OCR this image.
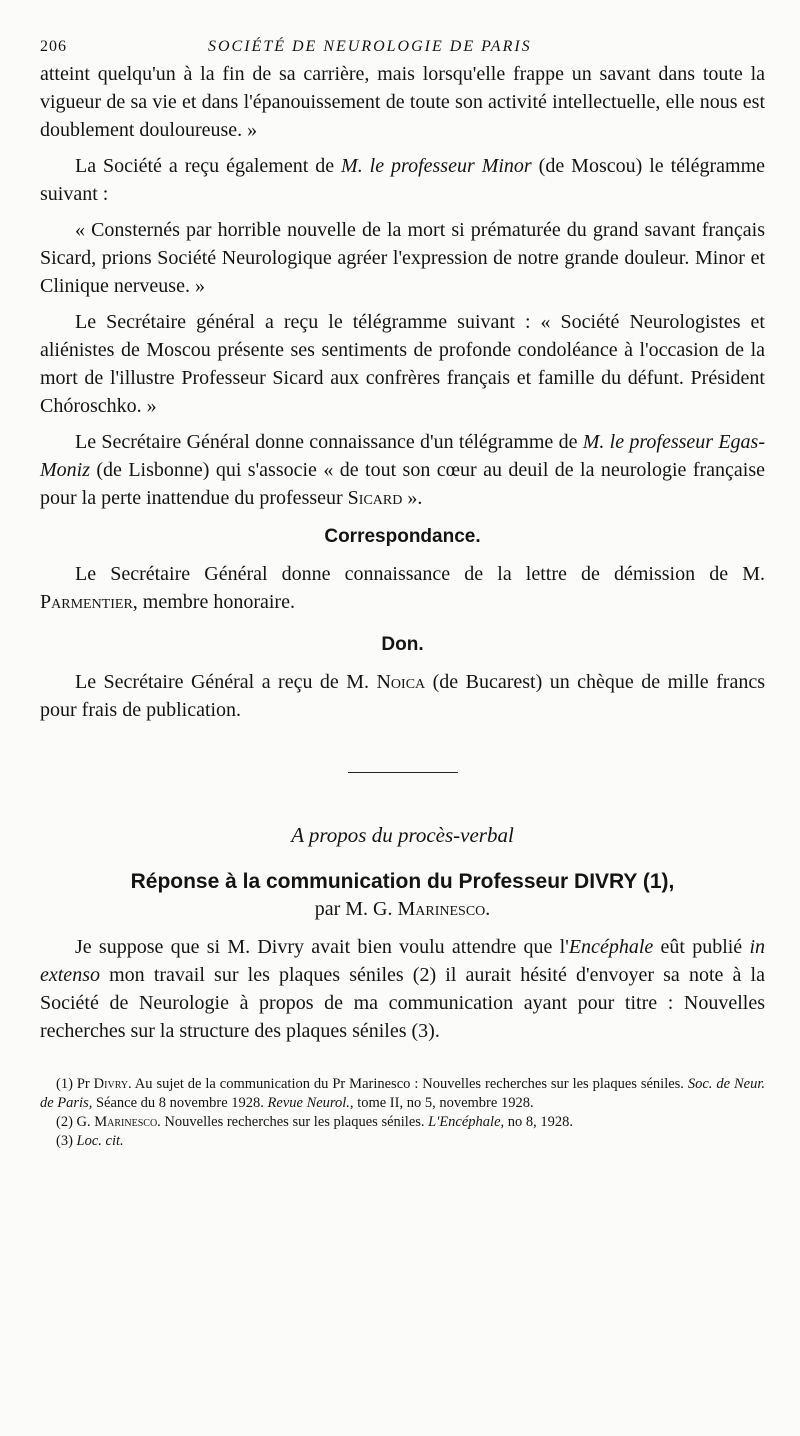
206	SOCIÉTÉ DE NEUROLOGIE DE PARIS

atteint quelqu'un à la fin de sa carrière, mais lorsqu'elle frappe un savant dans toute la vigueur de sa vie et dans l'épanouissement de toute son activité intellectuelle, elle nous est doublement douloureuse. »

La Société a reçu également de M. le professeur Minor (de Moscou) le télégramme suivant :

« Consternés par horrible nouvelle de la mort si prématurée du grand savant français Sicard, prions Société Neurologique agréer l'expression de notre grande douleur. Minor et Clinique nerveuse. »

Le Secrétaire général a reçu le télégramme suivant : « Société Neurologistes et aliénistes de Moscou présente ses sentiments de profonde condoléance à l'occasion de la mort de l'illustre Professeur Sicard aux confrères français et famille du défunt. Président Chóroschko. »

Le Secrétaire Général donne connaissance d'un télégramme de M. le professeur Egas-Moniz (de Lisbonne) qui s'associe « de tout son cœur au deuil de la neurologie française pour la perte inattendue du professeur Sicard ».

Correspondance.

Le Secrétaire Général donne connaissance de la lettre de démission de M. Parmentier, membre honoraire.

Don.

Le Secrétaire Général a reçu de M. Noica (de Bucarest) un chèque de mille francs pour frais de publication.

A propos du procès-verbal
Réponse à la communication du Professeur DIVRY (1),
par M. G. Marinesco.

Je suppose que si M. Divry avait bien voulu attendre que l'Encéphale eût publié in extenso mon travail sur les plaques séniles (2) il aurait hésité d'envoyer sa note à la Société de Neurologie à propos de ma communication ayant pour titre : Nouvelles recherches sur la structure des plaques séniles (3).

(1) Pr Divry. Au sujet de la communication du Pr Marinesco : Nouvelles recherches sur les plaques séniles. Soc. de Neur. de Paris, Séance du 8 novembre 1928. Revue Neurol., tome II, no 5, novembre 1928.
(2) G. Marinesco. Nouvelles recherches sur les plaques séniles. L'Encéphale, no 8, 1928.
(3) Loc. cit.
